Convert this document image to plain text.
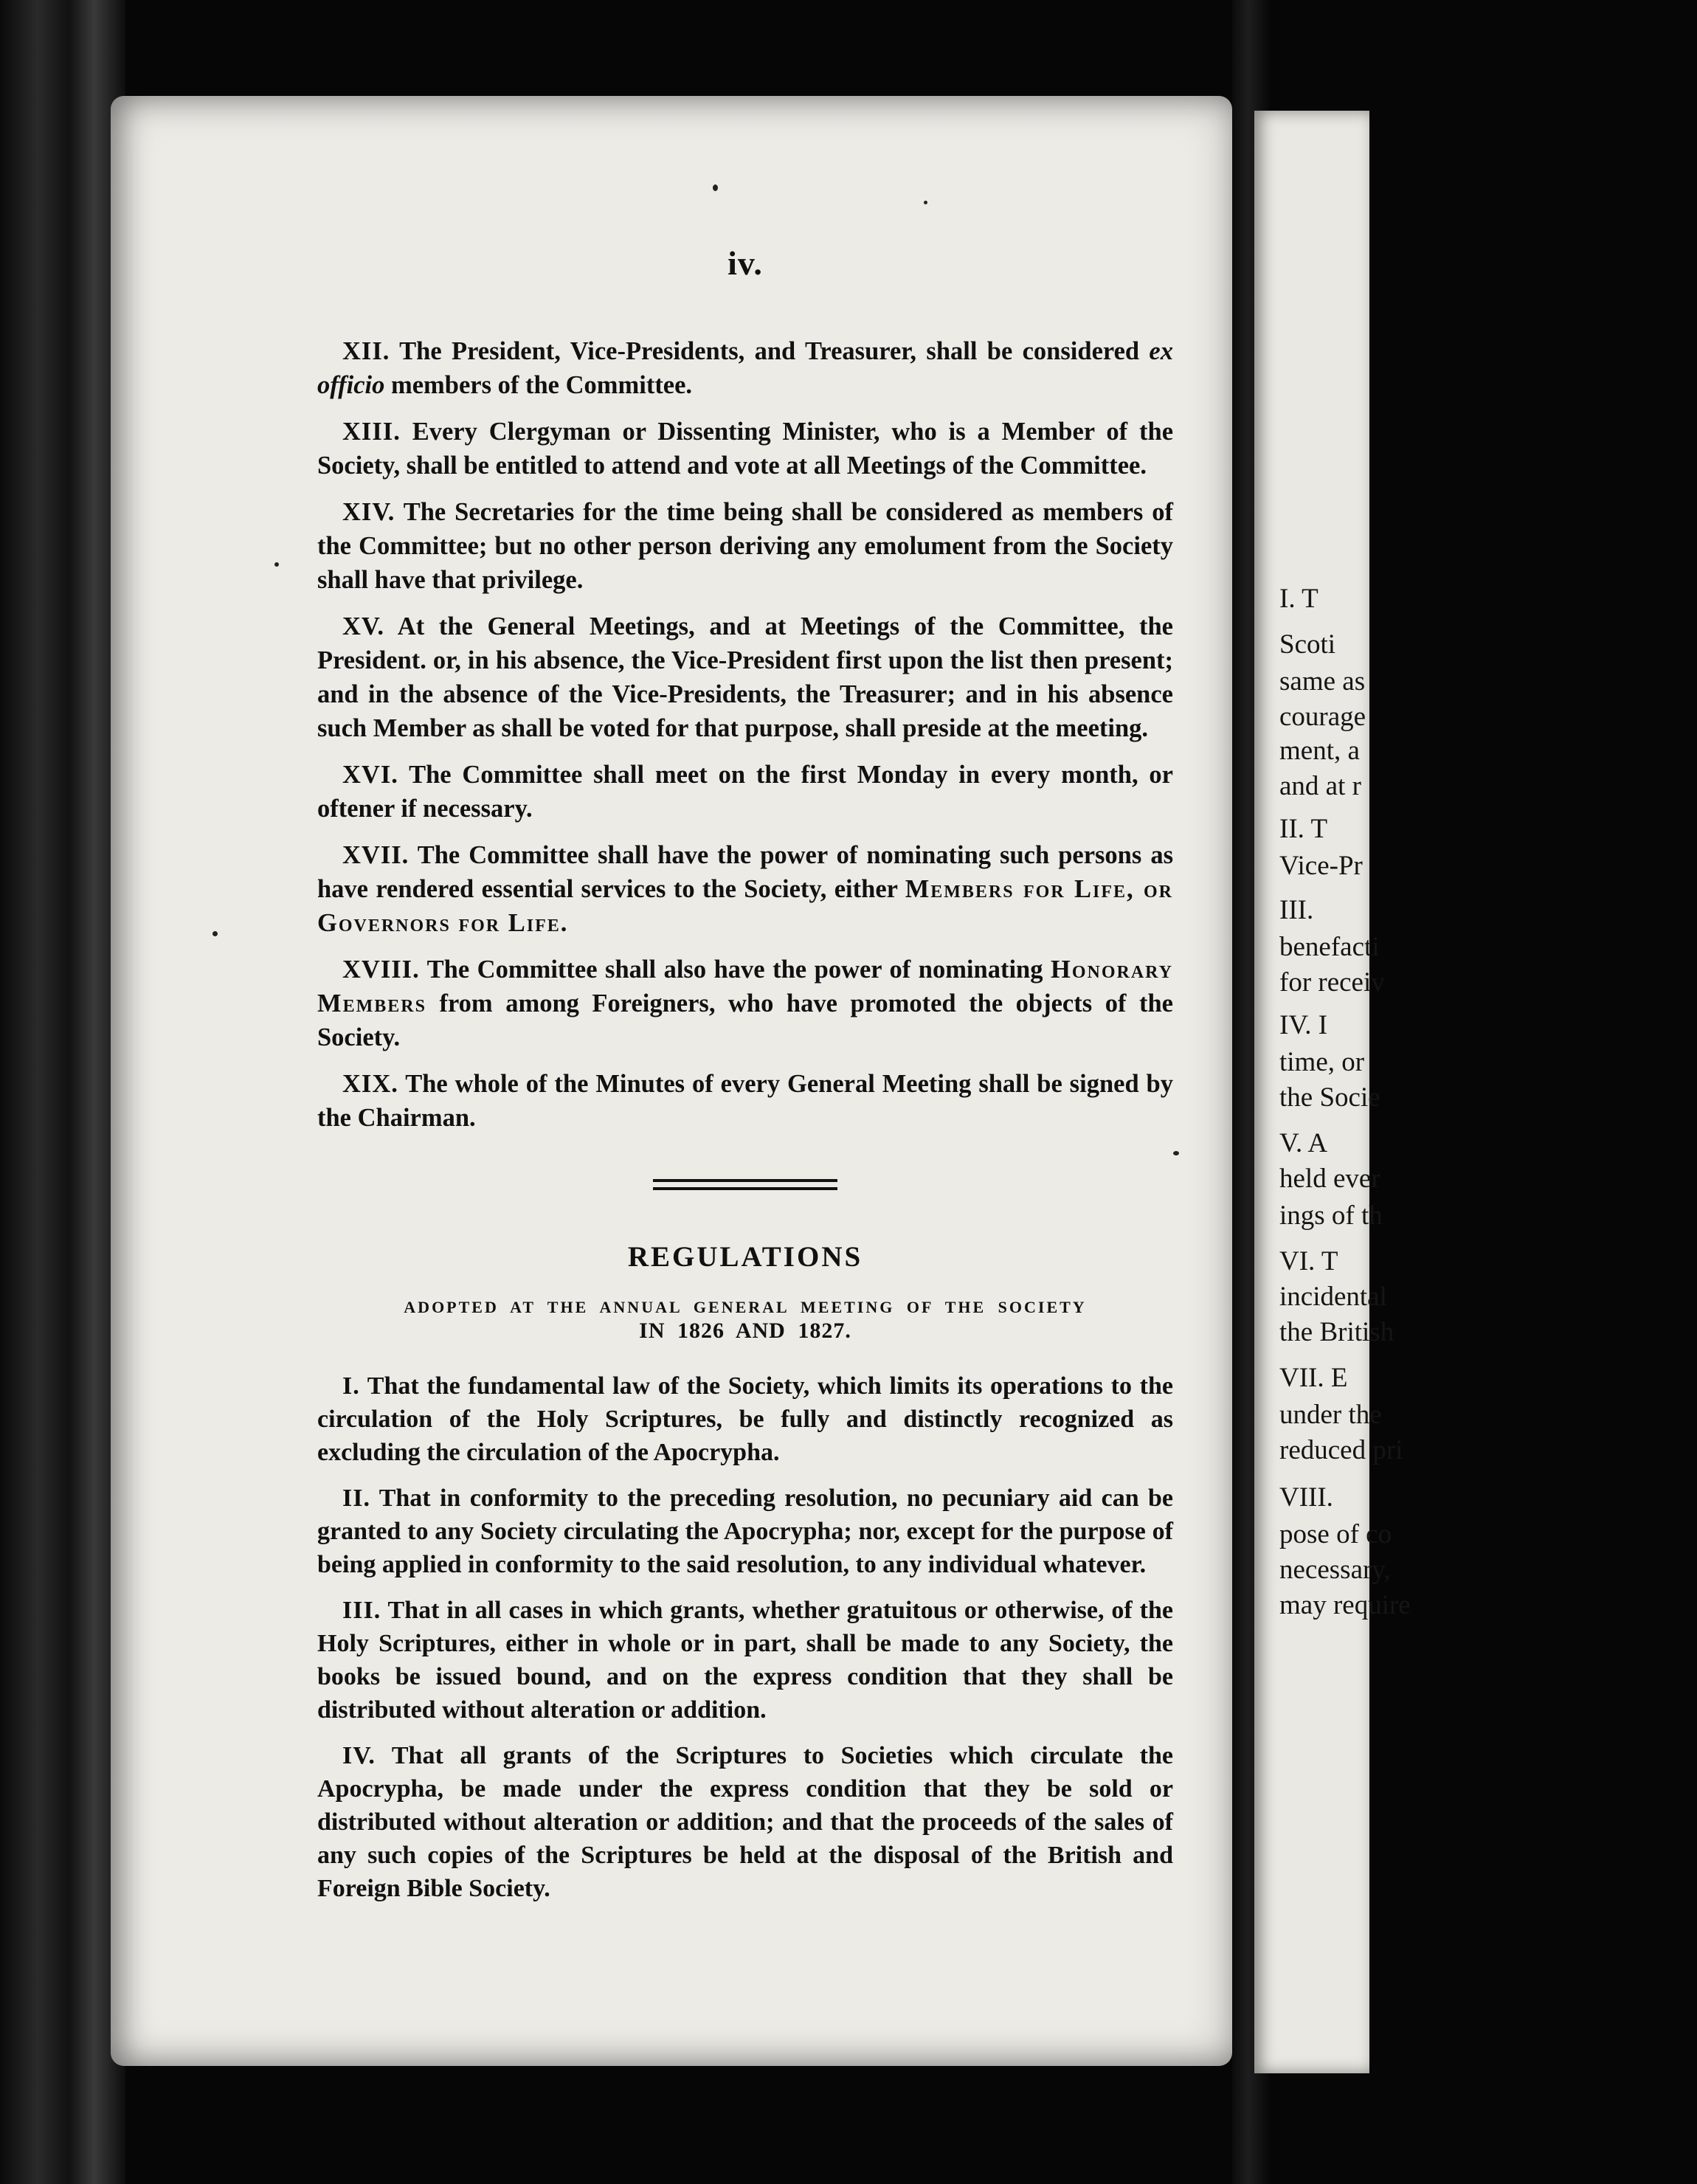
iv.

XII. The President, Vice-Presidents, and Treasurer, shall be considered ex officio members of the Committee.

XIII. Every Clergyman or Dissenting Minister, who is a Member of the Society, shall be entitled to attend and vote at all Meetings of the Committee.

XIV. The Secretaries for the time being shall be considered as members of the Committee; but no other person deriving any emolument from the Society shall have that privilege.

XV. At the General Meetings, and at Meetings of the Committee, the President. or, in his absence, the Vice-President first upon the list then present; and in the absence of the Vice-Presidents, the Treasurer; and in his absence such Member as shall be voted for that purpose, shall preside at the meeting.

XVI. The Committee shall meet on the first Monday in every month, or oftener if necessary.

XVII. The Committee shall have the power of nominating such persons as have rendered essential services to the Society, either Members for Life, or Governors for Life.

XVIII. The Committee shall also have the power of nominating Honorary Members from among Foreigners, who have promoted the objects of the Society.

XIX. The whole of the Minutes of every General Meeting shall be signed by the Chairman.

REGULATIONS
ADOPTED AT THE ANNUAL GENERAL MEETING OF THE SOCIETY
IN 1826 AND 1827.

I. That the fundamental law of the Society, which limits its operations to the circulation of the Holy Scriptures, be fully and distinctly recognized as excluding the circulation of the Apocrypha.

II. That in conformity to the preceding resolution, no pecuniary aid can be granted to any Society circulating the Apocrypha; nor, except for the purpose of being applied in conformity to the said resolution, to any individual whatever.

III. That in all cases in which grants, whether gratuitous or otherwise, of the Holy Scriptures, either in whole or in part, shall be made to any Society, the books be issued bound, and on the express condition that they shall be distributed without alteration or addition.

IV. That all grants of the Scriptures to Societies which circulate the Apocrypha, be made under the express condition that they be sold or distributed without alteration or addition; and that the proceeds of the sales of any such copies of the Scriptures be held at the disposal of the British and Foreign Bible Society.

I. T
Scoti
same as
courage
ment, a
and at r
II. T
Vice-Pr
III.
benefacti
for receiv
IV. I
time, or
the Socie
V. A
held ever
ings of th
VI. T
incidental
the British
VII. E
under the
reduced pri
VIII.
pose of co
necessary,
may require
